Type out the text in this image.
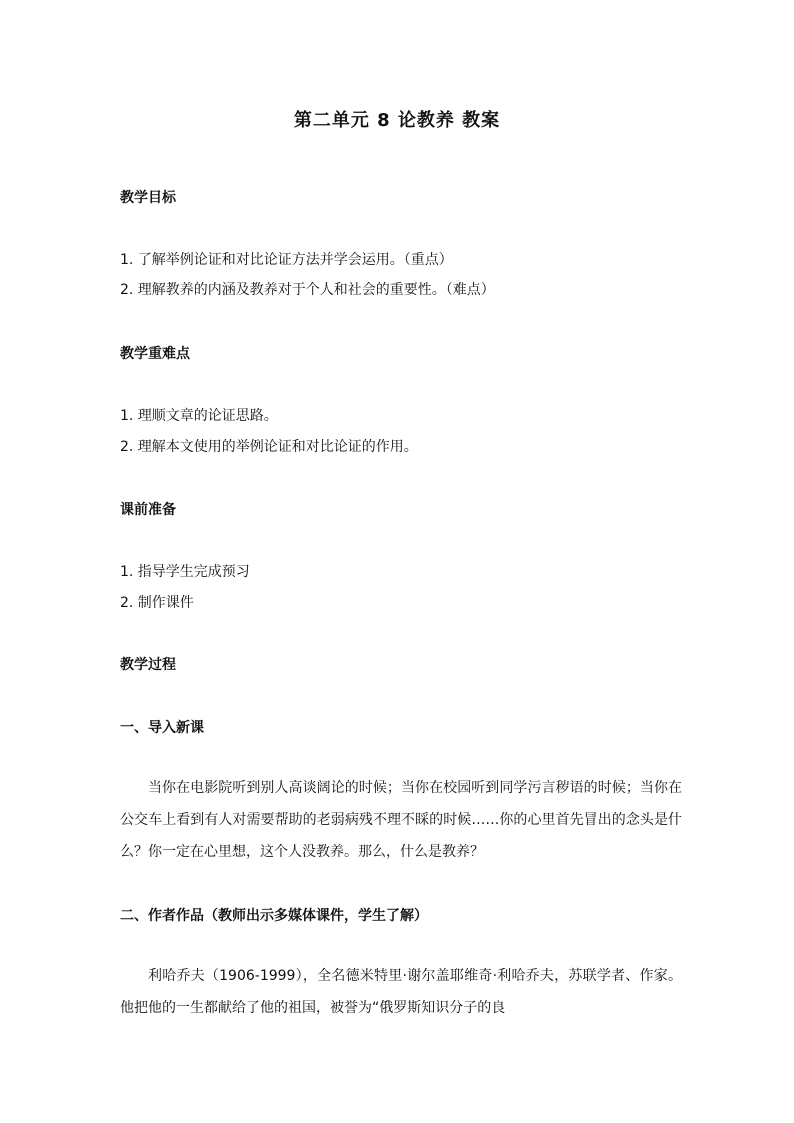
第二单元 8 论教养 教案
教学目标

1. 了解举例论证和对比论证方法并学会运用。（重点）

2. 理解教养的内涵及教养对于个人和社会的重要性。（难点）

教学重难点

1. 理顺文章的论证思路。

2. 理解本文使用的举例论证和对比论证的作用。

课前准备

1. 指导学生完成预习

2. 制作课件

教学过程
一、导入新课

当你在电影院听到别人高谈阔论的时候；当你在校园听到同学污言秽语的时候；当你在公交车上看到有人对需要帮助的老弱病残不理不睬的时候……你的心里首先冒出的念头是什么？你一定在心里想，这个人没教养。那么，什么是教养？

二、作者作品（教师出示多媒体课件，学生了解）

利哈乔夫（1906-1999），全名德米特里·谢尔盖耶维奇·利哈乔夫，苏联学者、作家。他把他的一生都献给了他的祖国，被誉为“俄罗斯知识分子的良
